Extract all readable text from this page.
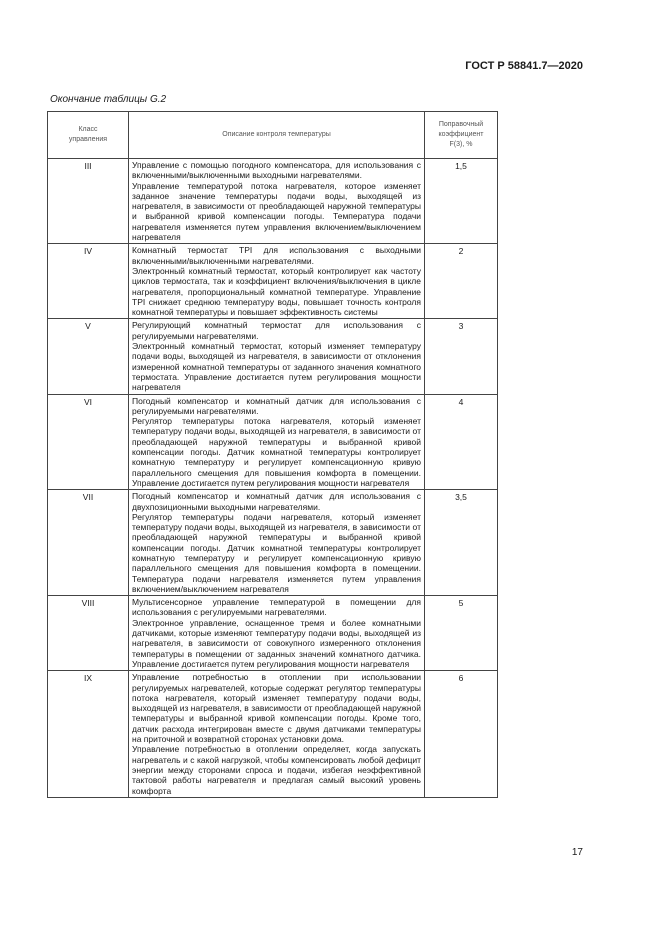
ГОСТ Р 58841.7—2020
Окончание таблицы G.2
Класс
управления	Описание контроля температуры	Поправочный
коэффициент
F(3), %

III	Управление с помощью погодного компенсатора, для использования с включенными/выключенными выходными нагревателями.

Управление температурой потока нагревателя, которое изменяет заданное значение температуры подачи воды, выходящей из нагревателя, в зависимости от преобладающей наружной температуры и выбранной кривой компенсации погоды. Температура подачи нагревателя изменяется путем управления включением/выключением нагревателя	1,5
IV	Комнатный термостат TPI для использования с выходными включенными/выключенными нагревателями.

Электронный комнатный термостат, который контролирует как частоту циклов термостата, так и коэффициент включения/выключения в цикле нагревателя, пропорциональный комнатной температуре. Управление TPI снижает среднюю температуру воды, повышает точность контроля комнатной температуры и повышает эффективность системы	2
V	Регулирующий комнатный термостат для использования с регулируемыми нагревателями.

Электронный комнатный термостат, который изменяет температуру подачи воды, выходящей из нагревателя, в зависимости от отклонения измеренной комнатной температуры от заданного значения комнатного термостата. Управление достигается путем регулирования мощности нагревателя	3
VI	Погодный компенсатор и комнатный датчик для использования с регулируемыми нагревателями.

Регулятор температуры потока нагревателя, который изменяет температуру подачи воды, выходящей из нагревателя, в зависимости от преобладающей наружной температуры и выбранной кривой компенсации погоды. Датчик комнатной температуры контролирует комнатную температуру и регулирует компенсационную кривую параллельного смещения для повышения комфорта в помещении. Управление достигается путем регулирования мощности нагревателя	4
VII	Погодный компенсатор и комнатный датчик для использования с двухпозиционными выходными нагревателями.

Регулятор температуры подачи нагревателя, который изменяет температуру подачи воды, выходящей из нагревателя, в зависимости от преобладающей наружной температуры и выбранной кривой компенсации погоды. Датчик комнатной температуры контролирует комнатную температуру и регулирует компенсационную кривую параллельного смещения для повышения комфорта в помещении. Температура подачи нагревателя изменяется путем управления включением/выключением нагревателя	3,5
VIII	Мультисенсорное управление температурой в помещении для использования с регулируемыми нагревателями.

Электронное управление, оснащенное тремя и более комнатными датчиками, которые изменяют температуру подачи воды, выходящей из нагревателя, в зависимости от совокупного измеренного отклонения температуры в помещении от заданных значений комнатного датчика. Управление достигается путем регулирования мощности нагревателя	5
IX	Управление потребностью в отоплении при использовании регулируемых нагревателей, которые содержат регулятор температуры потока нагревателя, который изменяет температуру подачи воды, выходящей из нагревателя, в зависимости от преобладающей наружной температуры и выбранной кривой компенсации погоды. Кроме того, датчик расхода интегрирован вместе с двумя датчиками температуры на приточной и возвратной сторонах установки дома.

Управление потребностью в отоплении определяет, когда запускать нагреватель и с какой нагрузкой, чтобы компенсировать любой дефицит энергии между сторонами спроса и подачи, избегая неэффективной тактовой работы нагревателя и предлагая самый высокий уровень комфорта	6
17
